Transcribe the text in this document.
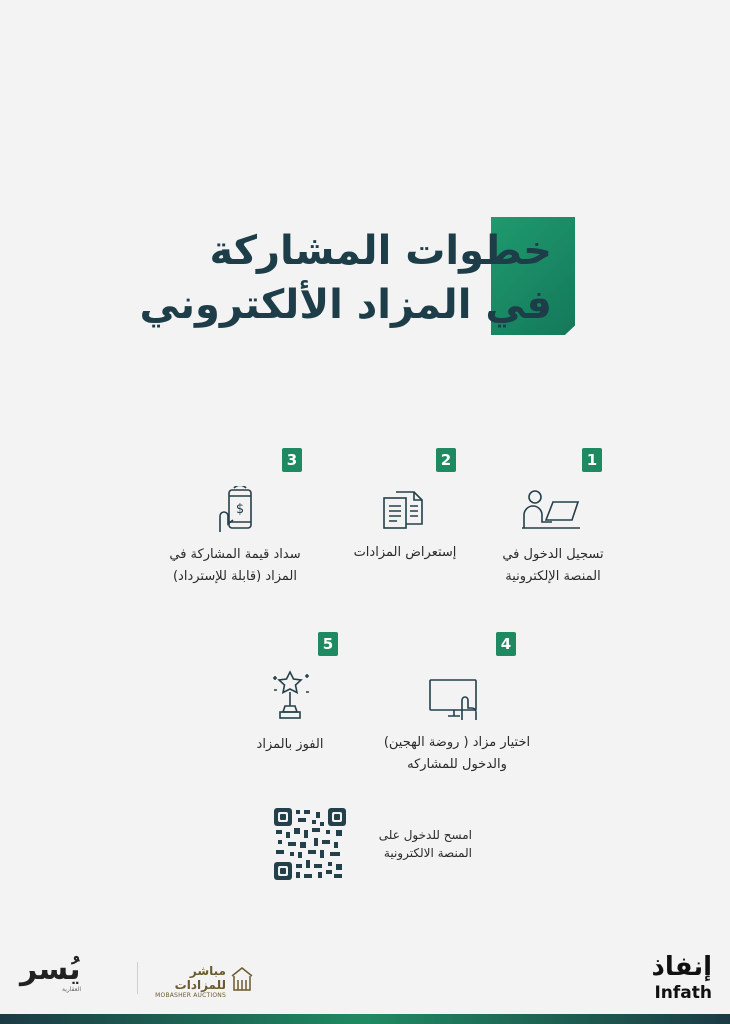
خطوات المشاركة
في المزاد الألكتروني
1
تسجيل الدخول في
المنصة الإلكترونية
2
إستعراض المزادات
3
$
سداد قيمة المشاركة في
المزاد (قابلة للإسترداد)
4
اختيار مزاد ( روضة الهجين)
والدخول للمشاركه
5
الفوز بالمزاد
امسح للدخول على
المنصة الالكترونية
إنفاذ
Infath
مباشر للمزادات
MOBASHER AUCTIONS
يُسر
العقارية
